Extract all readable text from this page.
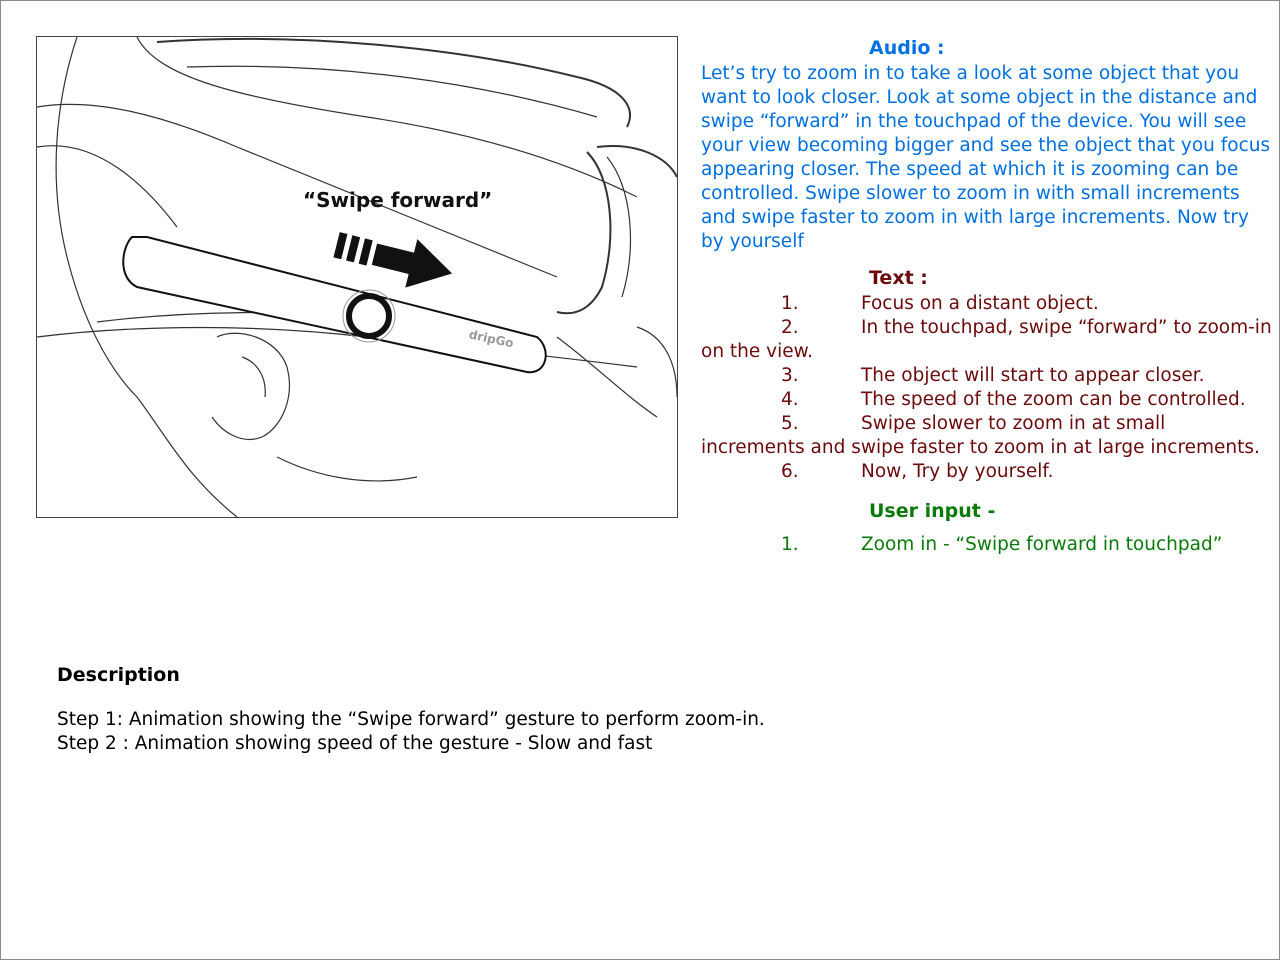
dripGo
“Swipe forward”
Audio :

Let’s try to zoom in to take a look at some object that you want to look closer. Look at some object in the distance and swipe “forward” in the touchpad of the device. You will see your view becoming bigger and see the object that you focus appearing closer. The speed at which it is zooming can be controlled. Swipe slower to zoom in with small increments and swipe faster to zoom in with large increments. Now try by yourself

Text :

1.	Focus on a distant object.

2.	In the touchpad, swipe “forward” to zoom-in on the view.

3.	The object will start to appear closer.

4.	The speed of the zoom can be controlled.

5.	Swipe slower to zoom in at small increments and swipe faster to zoom in at large increments.

6.	Now, Try by yourself.

User input -

1.	Zoom in - “Swipe forward in touchpad”

Description
Step 1: Animation showing the “Swipe forward” gesture to perform zoom-in.
Step 2 : Animation showing speed of the gesture - Slow and fast
